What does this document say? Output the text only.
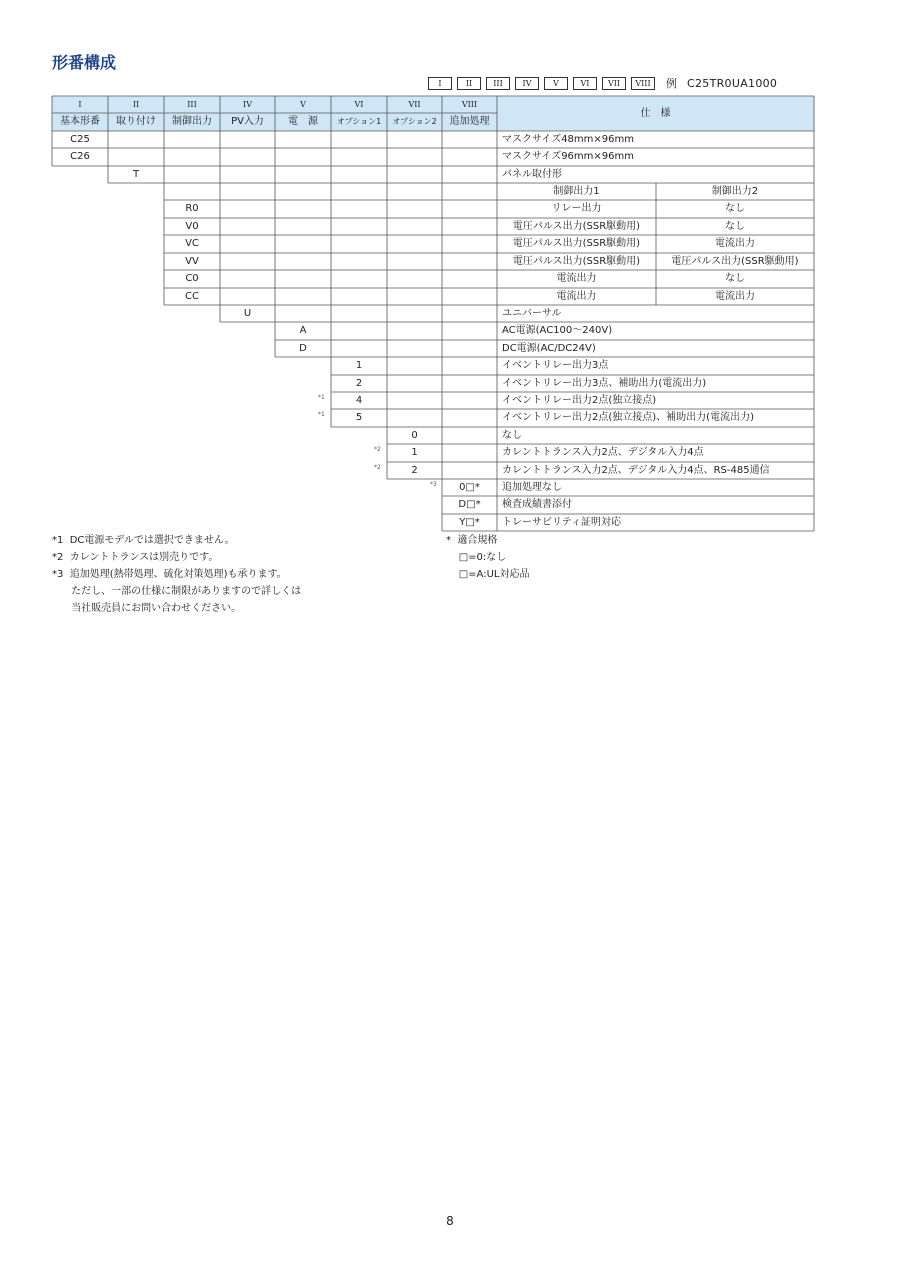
形番構成
I	II	III	IV	V	VI	VII	VIII	例 C25TR0UA1000
I	II	III	IV	V	VI	VII	VIII
基本形番	取り付け	制御出力	PV入力	電　源	オプション1	オプション2	追加処理
仕　様
C25	マスクサイズ48mm×96mm
C26	マスクサイズ96mm×96mm
T	パネル取付形
制御出力1	制御出力2
R0	リレー出力	なし
V0	電圧パルス出力(SSR駆動用)	なし
VC	電圧パルス出力(SSR駆動用)	電流出力
VV	電圧パルス出力(SSR駆動用)	電圧パルス出力(SSR駆動用)
C0	電流出力	なし
CC	電流出力	電流出力
U	ユニバーサル
A	AC電源(AC100〜240V)
D	DC電源(AC/DC24V)
1	イベントリレー出力3点
2	イベントリレー出力3点、補助出力(電流出力)
*1	4	イベントリレー出力2点(独立接点)
*1	5	イベントリレー出力2点(独立接点)、補助出力(電流出力)
0	なし
*2	1	カレントトランス入力2点、デジタル入力4点
*2	2	カレントトランス入力2点、デジタル入力4点、RS-485通信
*3	0□*	追加処理なし
D□*	検査成績書添付
Y□*	トレーサビリティ証明対応
*1  DC電源モデルでは選択できません。
*2  カレントトランスは別売りです。
*3  追加処理(熱帯処理、硫化対策処理)も承ります。
ただし、一部の仕様に制限がありますので詳しくは
当社販売員にお問い合わせください。
*  適合規格
□=0:なし
□=A:UL対応品
8
